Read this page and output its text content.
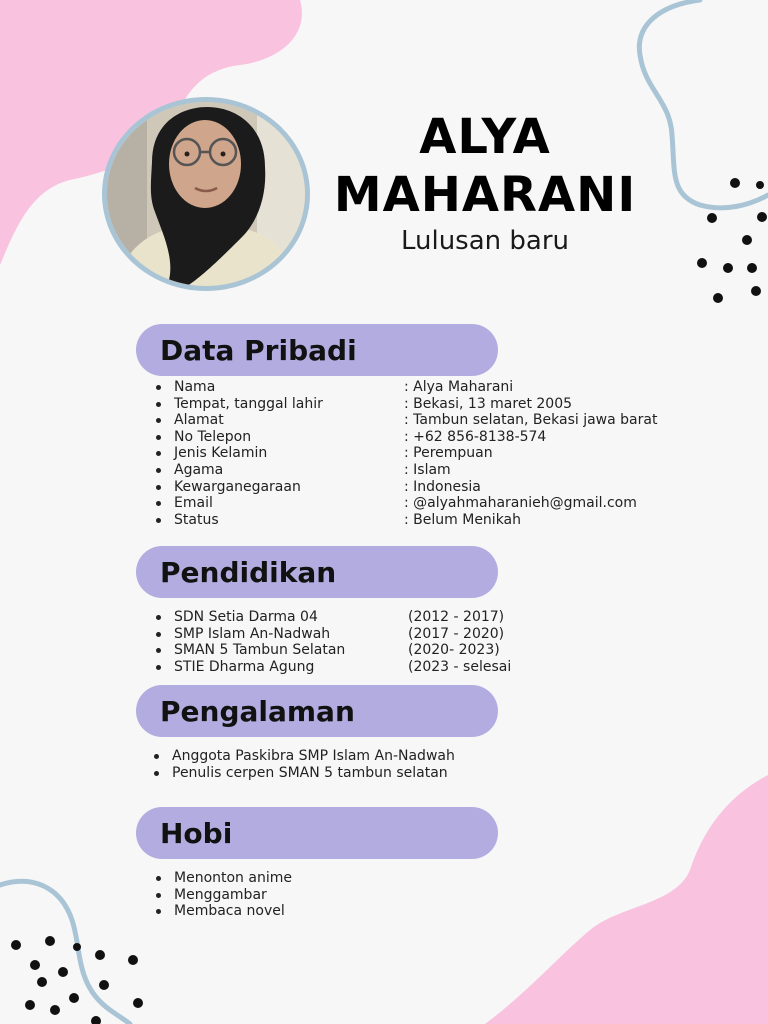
ALYA
MAHARANI

Lulusan baru

Data Pribadi
Nama	: Alya Maharani
Tempat, tanggal lahir	: Bekasi, 13 maret 2005
Alamat	: Tambun selatan, Bekasi jawa barat
No Telepon	: +62 856-8138-574
Jenis Kelamin	: Perempuan
Agama	: Islam
Kewarganegaraan	: Indonesia
Email	: @alyahmaharanieh@gmail.com
Status	: Belum Menikah
Pendidikan
SDN Setia Darma 04	(2012 - 2017)
SMP Islam An-Nadwah	(2017 - 2020)
SMAN 5 Tambun Selatan	(2020- 2023)
STIE Dharma Agung	(2023 - selesai
Pengalaman
Anggota Paskibra SMP Islam An-Nadwah
Penulis cerpen SMAN 5 tambun selatan
Hobi
Menonton anime
Menggambar
Membaca novel
